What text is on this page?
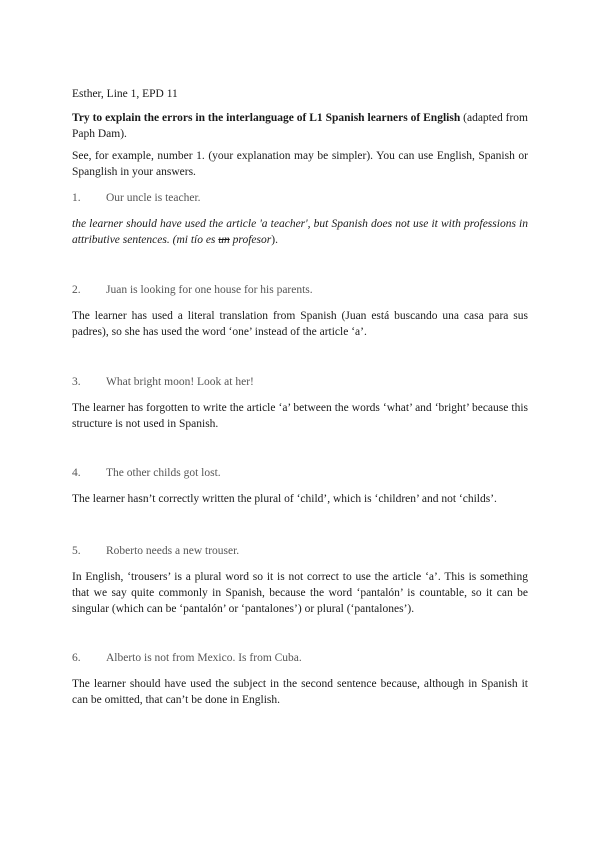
Esther, Line 1, EPD 11
Try to explain the errors in the interlanguage of L1 Spanish learners of English (adapted from Paph Dam).
See, for example, number 1. (your explanation may be simpler). You can use English, Spanish or Spanglish in your answers.
1. Our uncle is teacher.
the learner should have used the article 'a teacher', but Spanish does not use it with professions in attributive sentences. (mi tío es un profesor).
2. Juan is looking for one house for his parents.
The learner has used a literal translation from Spanish (Juan está buscando una casa para sus padres), so she has used the word ‘one’ instead of the article ‘a’.
3. What bright moon! Look at her!
The learner has forgotten to write the article ‘a’ between the words ‘what’ and ‘bright’ because this structure is not used in Spanish.
4. The other childs got lost.
The learner hasn’t correctly written the plural of ‘child’, which is ‘children’ and not ‘childs’.
5. Roberto needs a new trouser.
In English, ‘trousers’ is a plural word so it is not correct to use the article ‘a’. This is something that we say quite commonly in Spanish, because the word ‘pantalón’ is countable, so it can be singular (which can be ‘pantalón’ or ‘pantalones’) or plural (‘pantalones’).
6. Alberto is not from Mexico. Is from Cuba.
The learner should have used the subject in the second sentence because, although in Spanish it can be omitted, that can’t be done in English.
